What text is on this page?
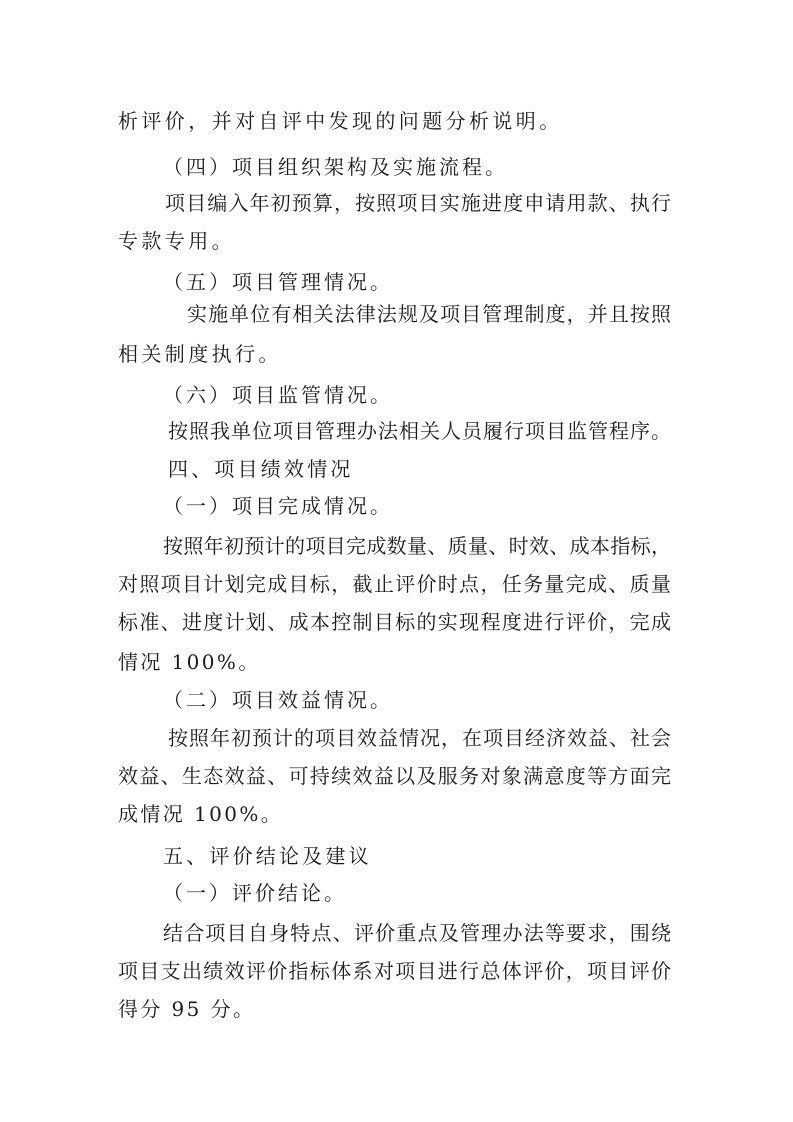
析评价，并对自评中发现的问题分析说明。
（四）项目组织架构及实施流程。
项目编入年初预算，按照项目实施进度申请用款、执行
专款专用。
（五）项目管理情况。
实施单位有相关法律法规及项目管理制度，并且按照
相关制度执行。
（六）项目监管情况。
按照我单位项目管理办法相关人员履行项目监管程序。
四、项目绩效情况
（一）项目完成情况。
按照年初预计的项目完成数量、质量、时效、成本指标，
对照项目计划完成目标，截止评价时点，任务量完成、质量
标准、进度计划、成本控制目标的实现程度进行评价，完成
情况 100%。
（二）项目效益情况。
按照年初预计的项目效益情况，在项目经济效益、社会
效益、生态效益、可持续效益以及服务对象满意度等方面完
成情况 100%。
五、评价结论及建议
（一）评价结论。
结合项目自身特点、评价重点及管理办法等要求，围绕
项目支出绩效评价指标体系对项目进行总体评价，项目评价
得分 95 分。
